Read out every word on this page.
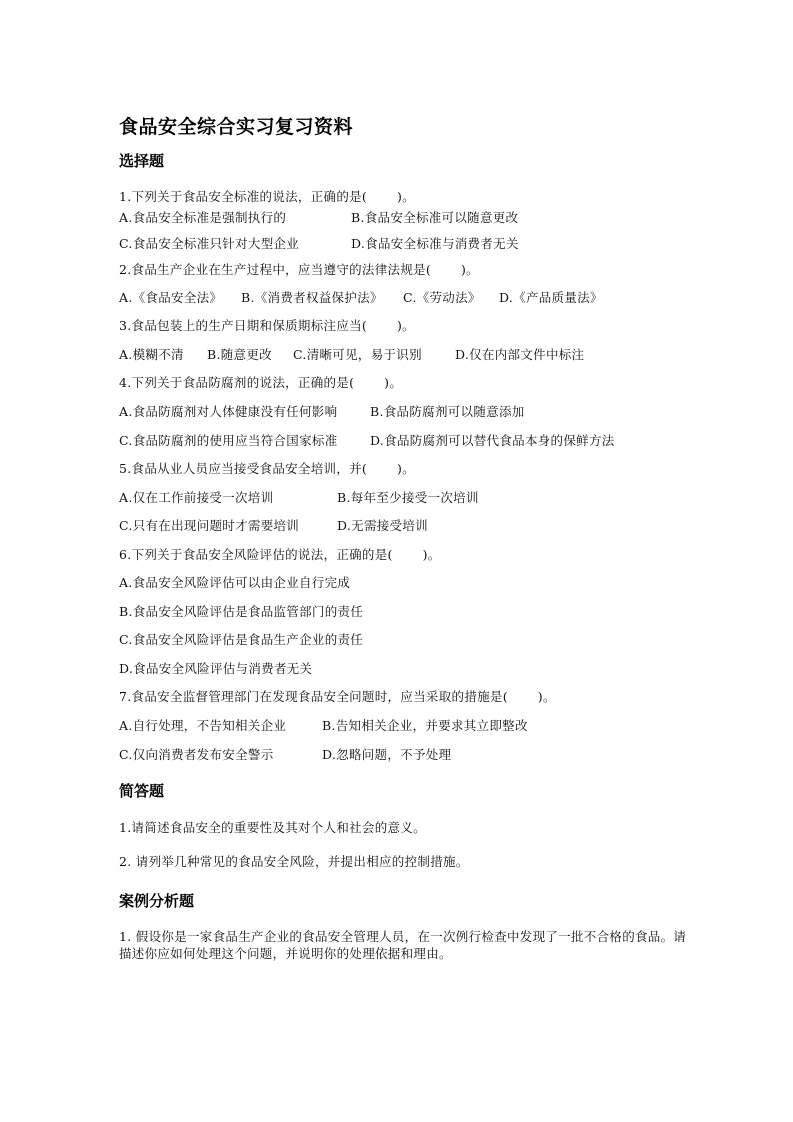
食品安全综合实习复习资料
选择题
1.下列关于食品安全标准的说法，正确的是(　　 )。
A.食品安全标准是强制执行的	B.食品安全标准可以随意更改
C.食品安全标准只针对大型企业	D.食品安全标准与消费者无关
2.食品生产企业在生产过程中，应当遵守的法律法规是(　　 )。
A.《食品安全法》 B.《消费者权益保护法》 C.《劳动法》 D.《产品质量法》
3.食品包装上的生产日期和保质期标注应当(　　 )。
A.模糊不清 B.随意更改 C.清晰可见，易于识别	D.仅在内部文件中标注
4.下列关于食品防腐剂的说法，正确的是(　　 )。
A.食品防腐剂对人体健康没有任何影响	B.食品防腐剂可以随意添加
C.食品防腐剂的使用应当符合国家标准	D.食品防腐剂可以替代食品本身的保鲜方法
5.食品从业人员应当接受食品安全培训，并(　　 )。
A.仅在工作前接受一次培训	B.每年至少接受一次培训
C.只有在出现问题时才需要培训	D.无需接受培训
6.下列关于食品安全风险评估的说法，正确的是(　　 )。
A.食品安全风险评估可以由企业自行完成
B.食品安全风险评估是食品监管部门的责任
C.食品安全风险评估是食品生产企业的责任
D.食品安全风险评估与消费者无关
7.食品安全监督管理部门在发现食品安全问题时，应当采取的措施是(　　 )。
A.自行处理，不告知相关企业	B.告知相关企业，并要求其立即整改
C.仅向消费者发布安全警示	D.忽略问题，不予处理
简答题
1.请简述食品安全的重要性及其对个人和社会的意义。
2. 请列举几种常见的食品安全风险，并提出相应的控制措施。
案例分析题
1. 假设你是一家食品生产企业的食品安全管理人员，在一次例行检查中发现了一批不合格的食品。请描述你应如何处理这个问题，并说明你的处理依据和理由。
